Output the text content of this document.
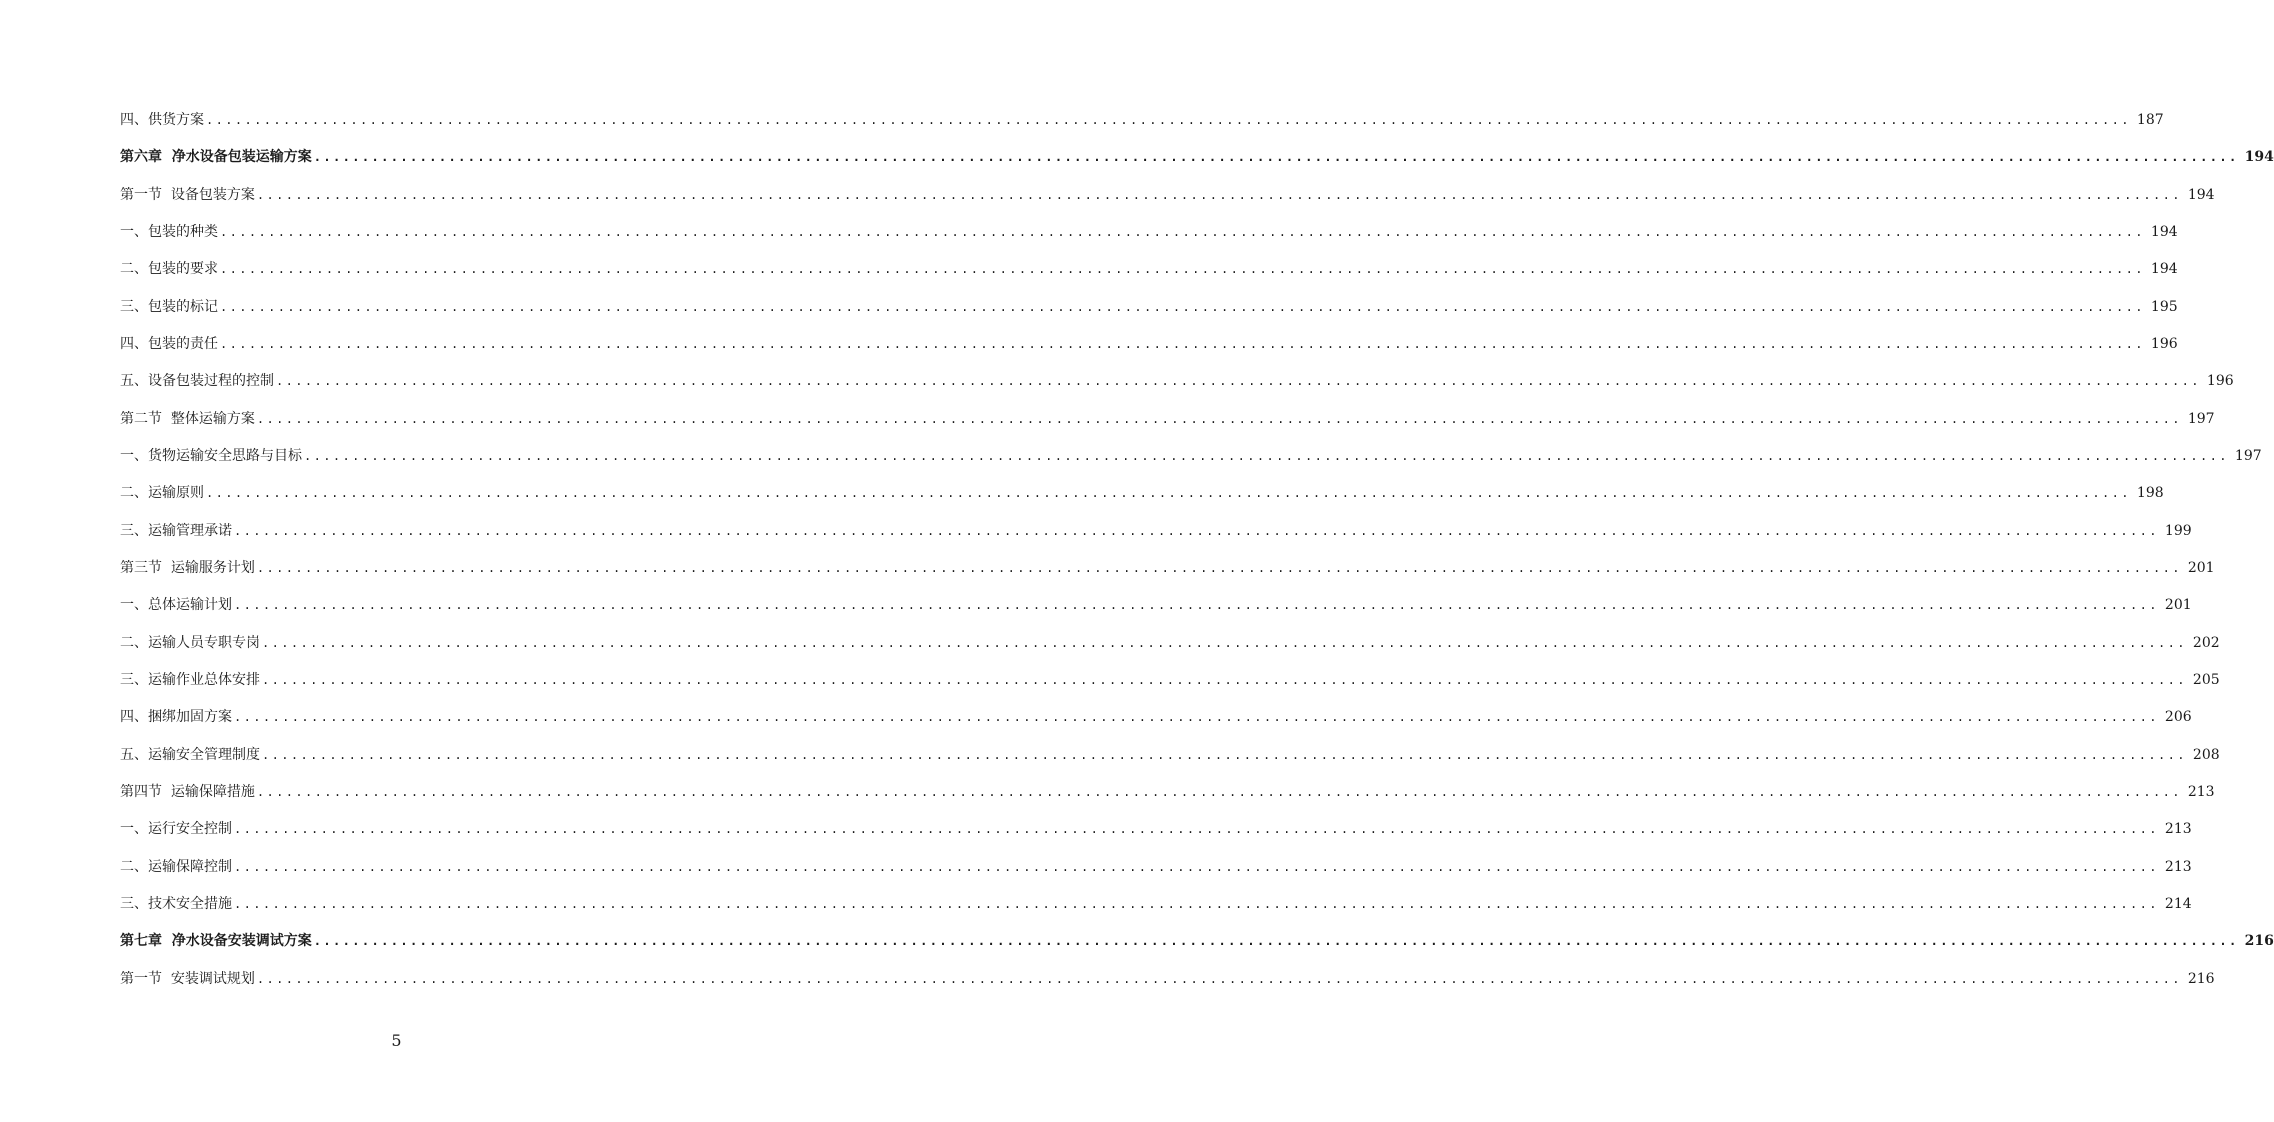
四、供货方案 ........................................................................................................................................................................................................ 187
第六章  净水设备包装运输方案 ........................................................................................................................................................................................................ 194
第一节  设备包装方案 ........................................................................................................................................................................................................ 194
一、包装的种类 ........................................................................................................................................................................................................ 194
二、包装的要求 ........................................................................................................................................................................................................ 194
三、包装的标记 ........................................................................................................................................................................................................ 195
四、包装的责任 ........................................................................................................................................................................................................ 196
五、设备包装过程的控制 ........................................................................................................................................................................................................ 196
第二节  整体运输方案 ........................................................................................................................................................................................................ 197
一、货物运输安全思路与目标 ........................................................................................................................................................................................................ 197
二、运输原则 ........................................................................................................................................................................................................ 198
三、运输管理承诺 ........................................................................................................................................................................................................ 199
第三节  运输服务计划 ........................................................................................................................................................................................................ 201
一、总体运输计划 ........................................................................................................................................................................................................ 201
二、运输人员专职专岗 ........................................................................................................................................................................................................ 202
三、运输作业总体安排 ........................................................................................................................................................................................................ 205
四、捆绑加固方案 ........................................................................................................................................................................................................ 206
五、运输安全管理制度 ........................................................................................................................................................................................................ 208
第四节  运输保障措施 ........................................................................................................................................................................................................ 213
一、运行安全控制 ........................................................................................................................................................................................................ 213
二、运输保障控制 ........................................................................................................................................................................................................ 213
三、技术安全措施 ........................................................................................................................................................................................................ 214
第七章  净水设备安装调试方案 ........................................................................................................................................................................................................ 216
第一节  安装调试规划 ........................................................................................................................................................................................................ 216
5
